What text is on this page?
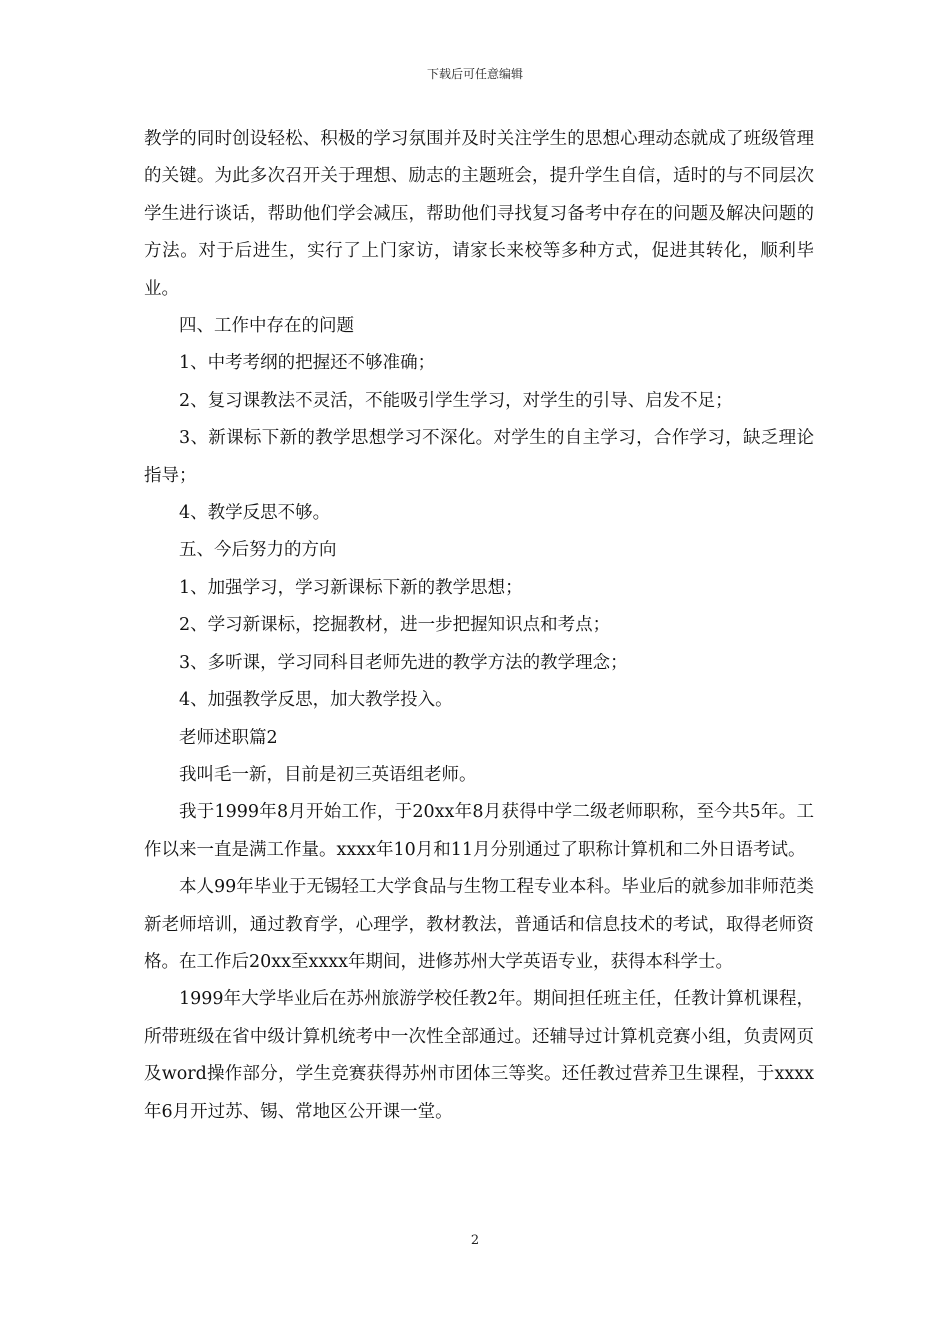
下载后可任意编辑

教学的同时创设轻松、积极的学习氛围并及时关注学生的思想心理动态就成了班级管理的关键。为此多次召开关于理想、励志的主题班会，提升学生自信，适时的与不同层次学生进行谈话，帮助他们学会减压，帮助他们寻找复习备考中存在的问题及解决问题的方法。对于后进生，实行了上门家访，请家长来校等多种方式，促进其转化，顺利毕业。

四、工作中存在的问题

1、中考考纲的把握还不够准确；

2、复习课教法不灵活，不能吸引学生学习，对学生的引导、启发不足；

3、新课标下新的教学思想学习不深化。对学生的自主学习，合作学习，缺乏理论指导；

4、教学反思不够。

五、今后努力的方向

1、加强学习，学习新课标下新的教学思想；

2、学习新课标，挖掘教材，进一步把握知识点和考点；

3、多听课，学习同科目老师先进的教学方法的教学理念；

4、加强教学反思，加大教学投入。

老师述职篇2

我叫毛一新，目前是初三英语组老师。

我于1999年8月开始工作，于20xx年8月获得中学二级老师职称，至今共5年。工作以来一直是满工作量。xxxx年10月和11月分别通过了职称计算机和二外日语考试。

本人99年毕业于无锡轻工大学食品与生物工程专业本科。毕业后的就参加非师范类新老师培训，通过教育学，心理学，教材教法，普通话和信息技术的考试，取得老师资格。在工作后20xx至xxxx年期间，进修苏州大学英语专业，获得本科学士。

1999年大学毕业后在苏州旅游学校任教2年。期间担任班主任，任教计算机课程，所带班级在省中级计算机统考中一次性全部通过。还辅导过计算机竞赛小组，负责网页及word操作部分，学生竞赛获得苏州市团体三等奖。还任教过营养卫生课程，于xxxx年6月开过苏、锡、常地区公开课一堂。

2
